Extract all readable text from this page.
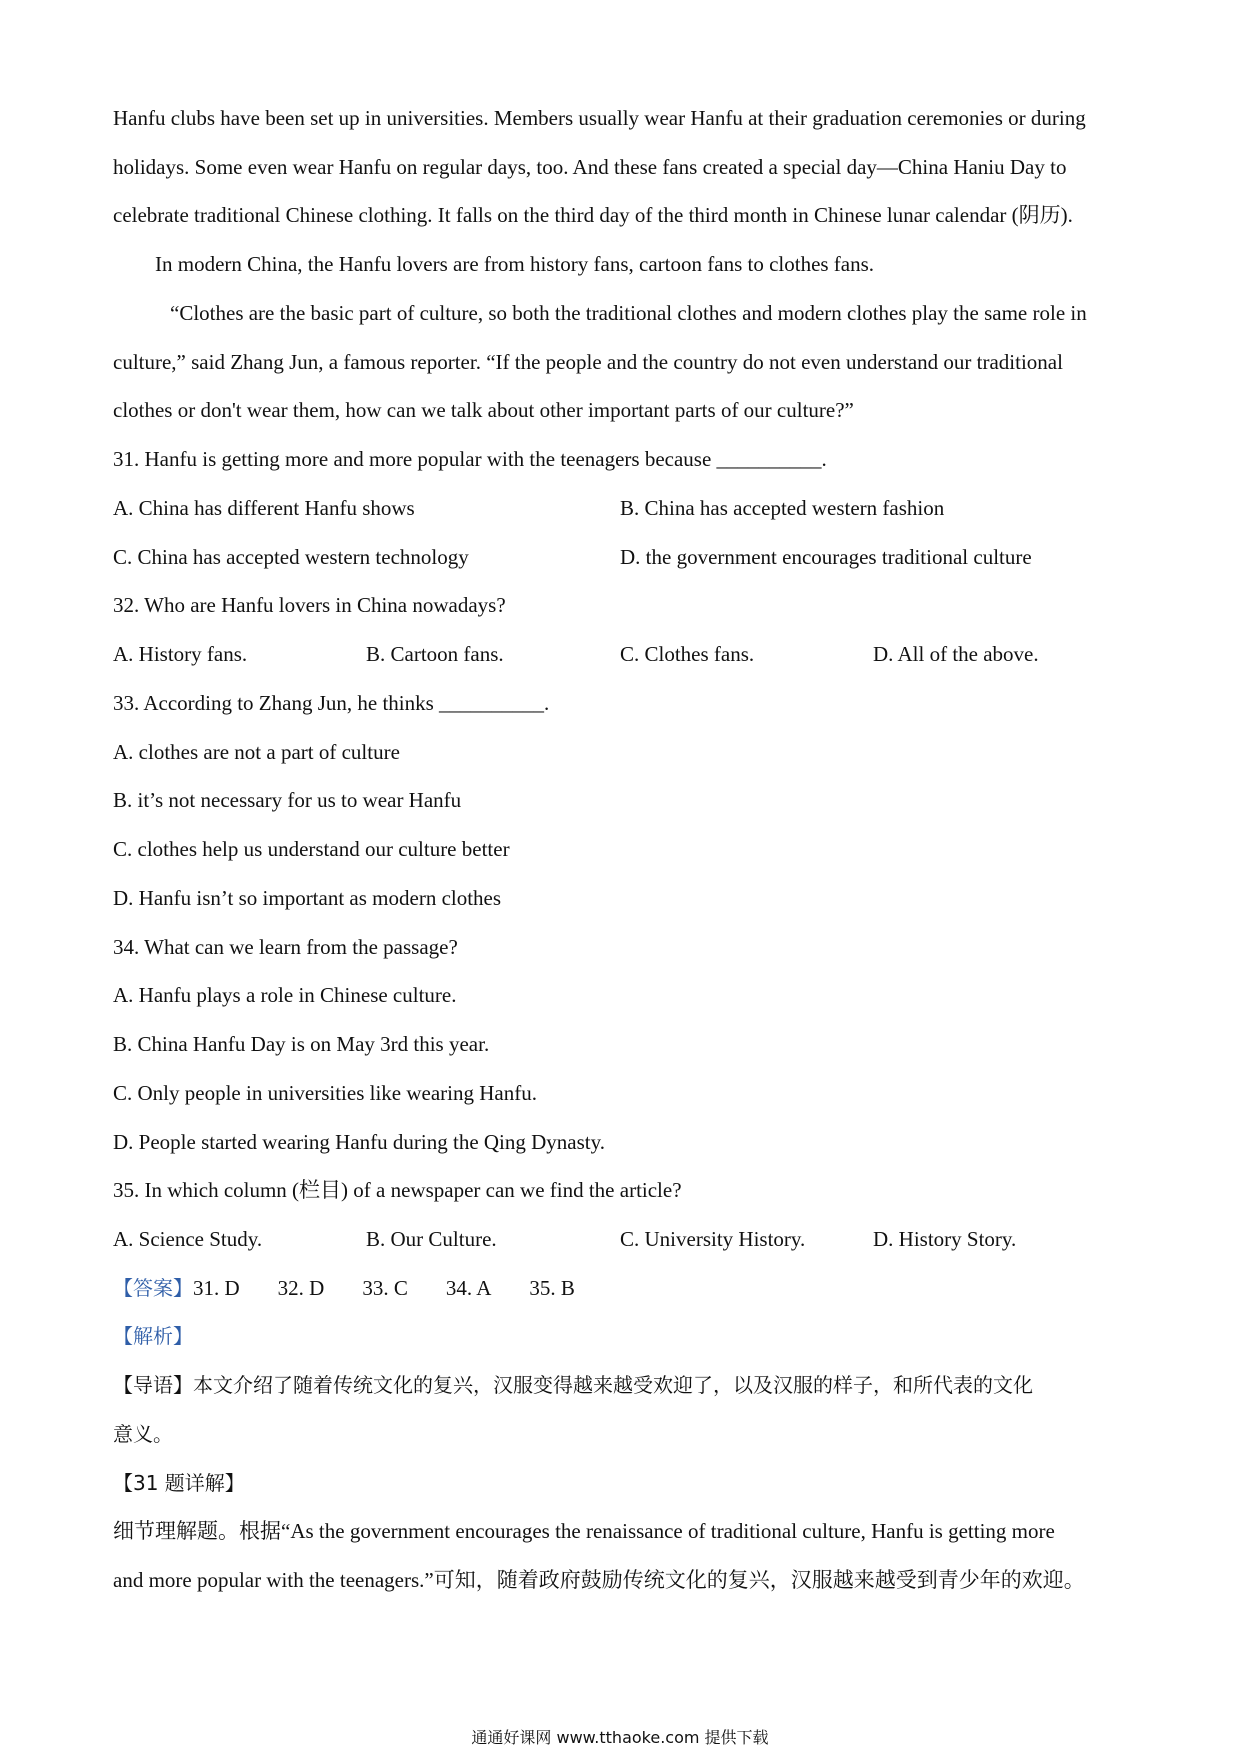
Hanfu clubs have been set up in universities. Members usually wear Hanfu at their graduation ceremonies or during
holidays. Some even wear Hanfu on regular days, too. And these fans created a special day—China Haniu Day to
celebrate traditional Chinese clothing. It falls on the third day of the third month in Chinese lunar calendar (阴历).
In modern China, the Hanfu lovers are from history fans, cartoon fans to clothes fans.
“Clothes are the basic part of culture, so both the traditional clothes and modern clothes play the same role in
culture,” said Zhang Jun, a famous reporter. “If the people and the country do not even understand our traditional
clothes or don't wear them, how can we talk about other important parts of our culture?”
31. Hanfu is getting more and more popular with the teenagers because __________.
A. China has different Hanfu shows	B. China has accepted western fashion
C. China has accepted western technology	D. the government encourages traditional culture
32. Who are Hanfu lovers in China nowadays?
A. History fans.	B. Cartoon fans.	C. Clothes fans.	D. All of the above.
33. According to Zhang Jun, he thinks __________.
A. clothes are not a part of culture
B. it’s not necessary for us to wear Hanfu
C. clothes help us understand our culture better
D. Hanfu isn’t so important as modern clothes
34. What can we learn from the passage?
A. Hanfu plays a role in Chinese culture.
B. China Hanfu Day is on May 3rd this year.
C. Only people in universities like wearing Hanfu.
D. People started wearing Hanfu during the Qing Dynasty.
35. In which column (栏目) of a newspaper can we find the article?
A. Science Study.	B. Our Culture.	C. University History.	D. History Story.
【答案】31. D 32. D 33. C 34. A 35. B
【解析】
【导语】本文介绍了随着传统文化的复兴，汉服变得越来越受欢迎了，以及汉服的样子，和所代表的文化
意义。
【31 题详解】
细节理解题。根据“As the government encourages the renaissance of traditional culture, Hanfu is getting more
and more popular with the teenagers.”可知，随着政府鼓励传统文化的复兴，汉服越来越受到青少年的欢迎。
通通好课网 www.tthaoke.com 提供下载
